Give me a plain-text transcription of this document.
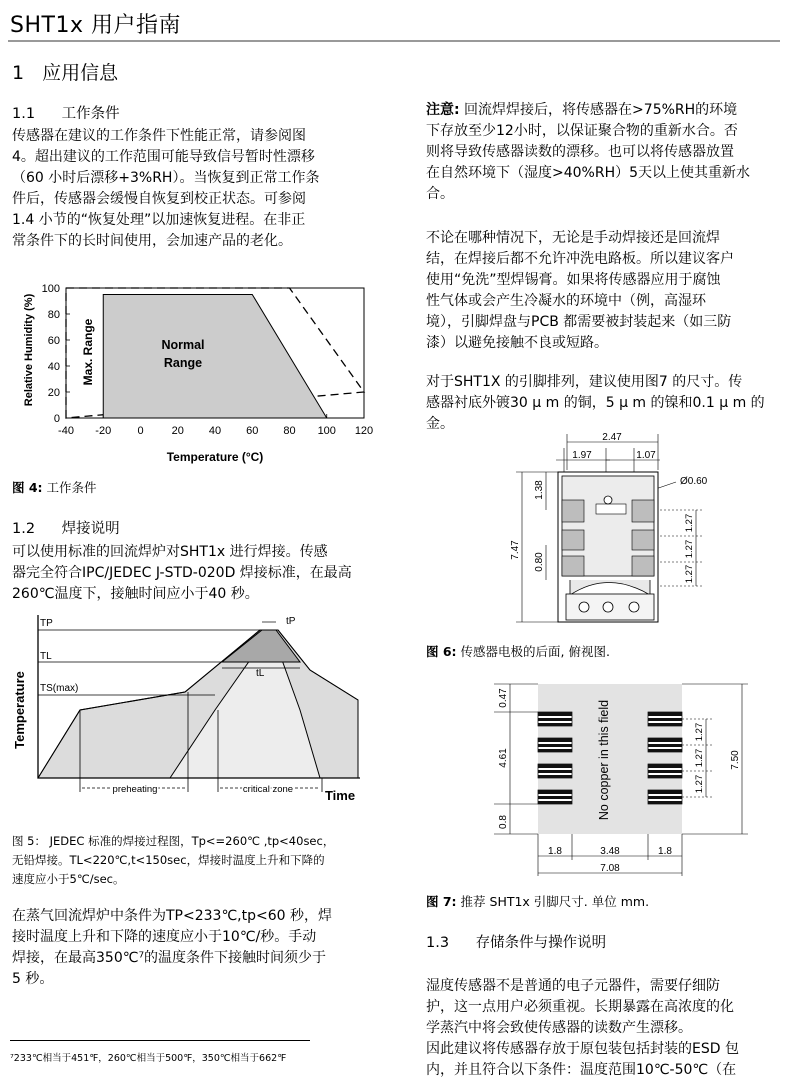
SHT1x 用户指南
1 应用信息
1.1 工作条件
传感器在建议的工作条件下性能正常，请参阅图
4。超出建议的工作范围可能导致信号暂时性漂移
（60 小时后漂移+3%RH）。当恢复到正常工作条
件后，传感器会缓慢自恢复到校正状态。可参阅
1.4 小节的“恢复处理”以加速恢复进程。在非正
常条件下的长时间使用，会加速产品的老化。
Relative Humidity (%)
-40 -20 0	20 40 60 80 100 120
0
20
40
60
80
100
Max. Range	Normal
Range
Temperature (°C)
图 4: 工作条件
1.2 焊接说明
可以使用标准的回流焊炉对SHT1x 进行焊接。传感
器完全符合IPC/JEDEC J-STD-020D 焊接标准，在最高
260℃温度下，接触时间应小于40 秒。
Temperature
TP
TL
TS(max)
tP
tL
preheating	critical zone Time
图 5： JEDEC 标准的焊接过程图，Tp<=260℃ ,tp<40sec，
无铅焊接。TL<220℃,t<150sec，焊接时温度上升和下降的
速度应小于5℃/sec。
在蒸气回流焊炉中条件为TP<233℃,tp<60 秒，焊
接时温度上升和下降的速度应小于10℃/秒。手动
焊接，在最高350℃⁷的温度条件下接触时间须少于
5 秒。
⁷233℃相当于451℉，260℃相当于500℉，350℃相当于662℉
注意: 回流焊焊接后，将传感器在>75%RH的环境
下存放至少12小时，以保证聚合物的重新水合。否
则将导致传感器读数的漂移。也可以将传感器放置
在自然环境下（湿度>40%RH）5天以上使其重新水
合。
不论在哪种情况下，无论是手动焊接还是回流焊
结，在焊接后都不允许冲洗电路板。所以建议客户
使用“免洗”型焊锡膏。如果将传感器应用于腐蚀
性气体或会产生冷凝水的环境中（例，高湿环
境），引脚焊盘与PCB 都需要被封装起来（如三防
漆）以避免接触不良或短路。
对于SHT1X 的引脚排列，建议使用图7 的尺寸。传
感器衬底外镀30 μ m 的铜，5 μ m 的镍和0.1 μ m 的
金。
2.47
1.97	1.07
Ø0.60
7.47
1.38
0.80
1.27
1.27
1.27
图 6: 传感器电极的后面, 俯视图.
No copper in this field
0.47
4.61
0.8
7.50
1.27
1.27
1.27
1.8	3.48	1.8
7.08
图 7: 推荐 SHT1x 引脚尺寸. 单位 mm.
1.3 存储条件与操作说明
湿度传感器不是普通的电子元器件，需要仔细防
护，这一点用户必须重视。长期暴露在高浓度的化
学蒸汽中将会致使传感器的读数产生漂移。
因此建议将传感器存放于原包装包括封装的ESD 包
内，并且符合以下条件：温度范围10℃-50℃（在
